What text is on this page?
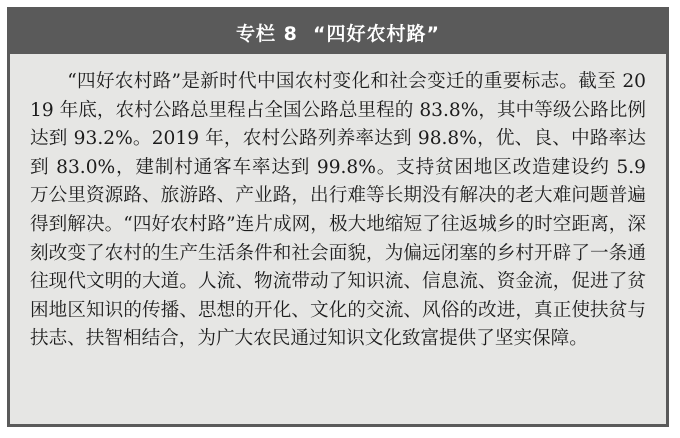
专栏 8  “四好农村路”

“四好农村路”是新时代中国农村变化和社会变迁的重要标志。截至 2019 年底，农村公路总里程占全国公路总里程的 83.8%，其中等级公路比例达到 93.2%。2019 年，农村公路列养率达到 98.8%，优、良、中路率达到 83.0%，建制村通客车率达到 99.8%。支持贫困地区改造建设约 5.9 万公里资源路、旅游路、产业路，出行难等长期没有解决的老大难问题普遍得到解决。“四好农村路”连片成网，极大地缩短了往返城乡的时空距离，深刻改变了农村的生产生活条件和社会面貌，为偏远闭塞的乡村开辟了一条通往现代文明的大道。人流、物流带动了知识流、信息流、资金流，促进了贫困地区知识的传播、思想的开化、文化的交流、风俗的改进，真正使扶贫与扶志、扶智相结合，为广大农民通过知识文化致富提供了坚实保障。
